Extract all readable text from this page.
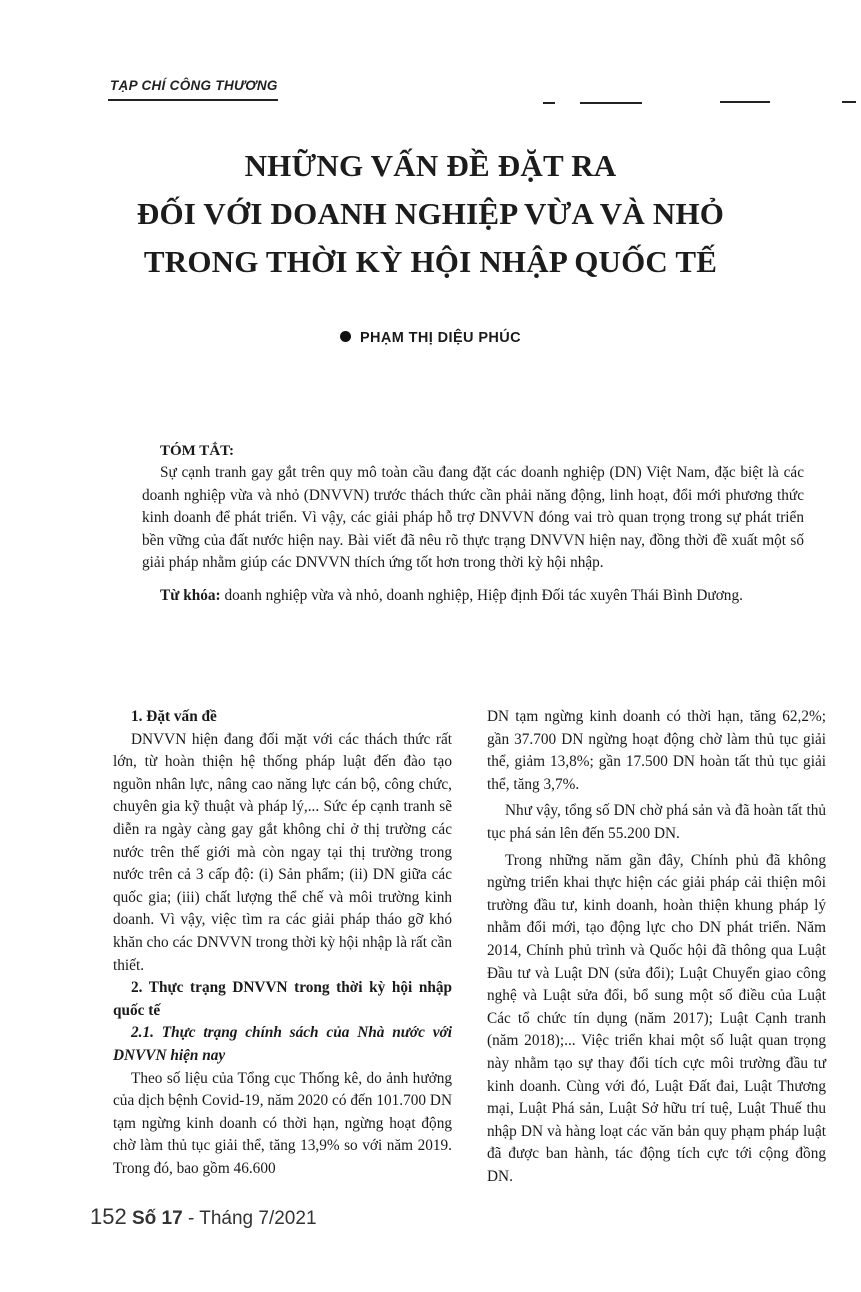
TẠP CHÍ CÔNG THƯƠNG
NHỮNG VẤN ĐỀ ĐẶT RA
ĐỐI VỚI DOANH NGHIỆP VỪA VÀ NHỎ
TRONG THỜI KỲ HỘI NHẬP QUỐC TẾ
PHẠM THỊ DIỆU PHÚC
TÓM TẮT:
Sự cạnh tranh gay gắt trên quy mô toàn cầu đang đặt các doanh nghiệp (DN) Việt Nam, đặc biệt là các doanh nghiệp vừa và nhỏ (DNVVN) trước thách thức cần phải năng động, linh hoạt, đổi mới phương thức kinh doanh để phát triển. Vì vậy, các giải pháp hỗ trợ DNVVN đóng vai trò quan trọng trong sự phát triển bền vững của đất nước hiện nay. Bài viết đã nêu rõ thực trạng DNVVN hiện nay, đồng thời đề xuất một số giải pháp nhằm giúp các DNVVN thích ứng tốt hơn trong thời kỳ hội nhập.
Từ khóa: doanh nghiệp vừa và nhỏ, doanh nghiệp, Hiệp định Đối tác xuyên Thái Bình Dương.

1. Đặt vấn đề

DNVVN hiện đang đối mặt với các thách thức rất lớn, từ hoàn thiện hệ thống pháp luật đến đào tạo nguồn nhân lực, nâng cao năng lực cán bộ, công chức, chuyên gia kỹ thuật và pháp lý,... Sức ép cạnh tranh sẽ diễn ra ngày càng gay gắt không chỉ ở thị trường các nước trên thế giới mà còn ngay tại thị trường trong nước trên cả 3 cấp độ: (i) Sản phẩm; (ii) DN giữa các quốc gia; (iii) chất lượng thể chế và môi trường kinh doanh. Vì vậy, việc tìm ra các giải pháp tháo gỡ khó khăn cho các DNVVN trong thời kỳ hội nhập là rất cần thiết.

2. Thực trạng DNVVN trong thời kỳ hội nhập quốc tế

2.1. Thực trạng chính sách của Nhà nước với DNVVN hiện nay

Theo số liệu của Tổng cục Thống kê, do ảnh hưởng của dịch bệnh Covid-19, năm 2020 có đến 101.700 DN tạm ngừng kinh doanh có thời hạn, ngừng hoạt động chờ làm thủ tục giải thể, tăng 13,9% so với năm 2019. Trong đó, bao gồm 46.600

DN tạm ngừng kinh doanh có thời hạn, tăng 62,2%; gần 37.700 DN ngừng hoạt động chờ làm thủ tục giải thể, giảm 13,8%; gần 17.500 DN hoàn tất thủ tục giải thể, tăng 3,7%.

Như vậy, tổng số DN chờ phá sản và đã hoàn tất thủ tục phá sản lên đến 55.200 DN.

Trong những năm gần đây, Chính phủ đã không ngừng triển khai thực hiện các giải pháp cải thiện môi trường đầu tư, kinh doanh, hoàn thiện khung pháp lý nhằm đổi mới, tạo động lực cho DN phát triển. Năm 2014, Chính phủ trình và Quốc hội đã thông qua Luật Đầu tư và Luật DN (sửa đổi); Luật Chuyển giao công nghệ và Luật sửa đổi, bổ sung một số điều của Luật Các tổ chức tín dụng (năm 2017); Luật Cạnh tranh (năm 2018);... Việc triển khai một số luật quan trọng này nhằm tạo sự thay đổi tích cực môi trường đầu tư kinh doanh. Cùng với đó, Luật Đất đai, Luật Thương mại, Luật Phá sản, Luật Sở hữu trí tuệ, Luật Thuế thu nhập DN và hàng loạt các văn bản quy phạm pháp luật đã được ban hành, tác động tích cực tới cộng đồng DN.

152 Số 17 - Tháng 7/2021
